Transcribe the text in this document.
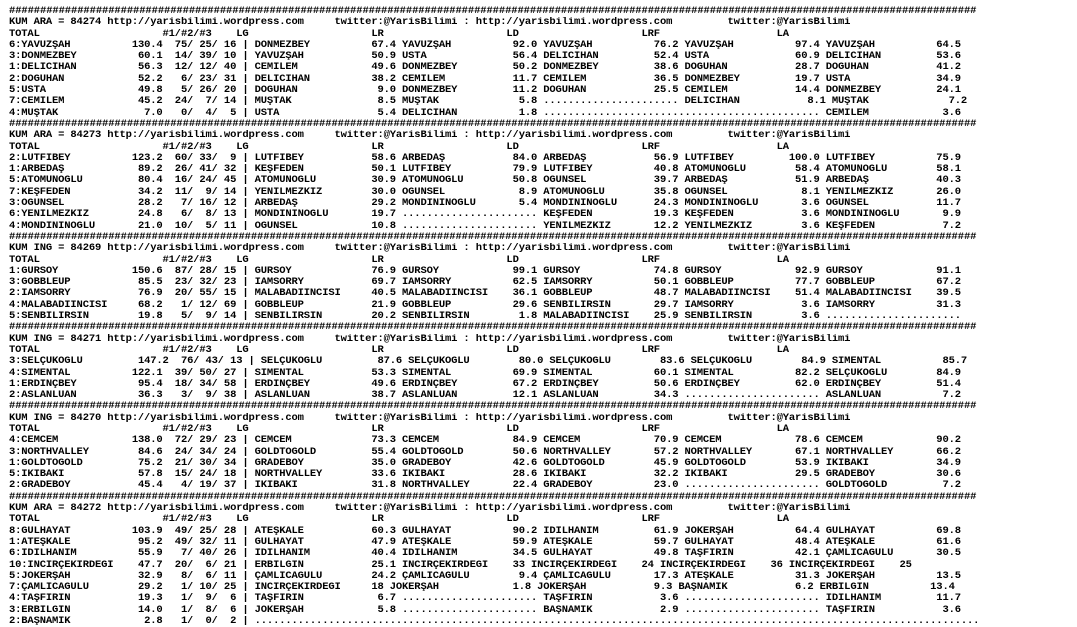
############################################################################################################################################################
KUM ARA = 84274 http://yarisbilimi.wordpress.com     twitter:@YarisBilimi : http://yarisbilimi.wordpress.com         twitter:@YarisBilimi
TOTAL                    #1/#2/#3    LG                    LR                    LD                    LRF                   LA
6:YAVUZŞAH          130.4  75/ 25/ 16 | DÖNMEZBEY          67.4 YAVUZŞAH          92.0 YAVUZŞAH          76.2 YAVUZŞAH          97.4 YAVUZŞAH          64.5
3:DÖNMEZBEY          60.1  14/ 39/ 10 | YAVUZŞAH           50.9 USTA              56.4 DELİCİHAN         52.4 USTA              60.9 DELİCİHAN         53.6
1:DELİCİHAN          56.3  12/ 12/ 40 | CEMİLEM            49.6 DÖNMEZBEY         50.2 DÖNMEZBEY         38.6 DOĞUHAN           28.7 DOĞUHAN           41.2
2:DOĞUHAN            52.2   6/ 23/ 31 | DELİCİHAN          38.2 CEMİLEM           11.7 CEMİLEM           36.5 DÖNMEZBEY         19.7 USTA              34.9
5:USTA               49.8   5/ 26/ 20 | DOĞUHAN             9.0 DÖNMEZBEY         11.2 DOĞUHAN           25.5 CEMİLEM           14.4 DÖNMEZBEY         24.1
7:CEMİLEM            45.2  24/  7/ 14 | MUŞTAK              8.5 MUŞTAK             5.8 ...................... DELİCİHAN           8.1 MUŞTAK             7.2
4:MUŞTAK              7.0   0/  4/  5 | USTA                5.4 DELİCİHAN          1.8 ............................................. CEMİLEM            3.6
############################################################################################################################################################
KUM ARA = 84273 http://yarisbilimi.wordpress.com     twitter:@YarisBilimi : http://yarisbilimi.wordpress.com         twitter:@YarisBilimi
TOTAL                    #1/#2/#3    LG                    LR                    LD                    LRF                   LA
2:LÜTFİBEY          123.2  60/ 33/  9 | LÜTFİBEY           58.6 ARBEDAŞ           84.0 ARBEDAŞ           56.9 LÜTFİBEY         100.0 LÜTFİBEY          75.9
1:ARBEDAŞ            89.2  26/ 41/ 32 | KEŞFEDEN           50.1 LÜTFİBEY          79.9 LÜTFİBEY          40.8 ATOMUNOĞLU        58.4 ATOMUNOĞLU        58.1
5:ATOMUNOĞLU         80.4  16/ 24/ 45 | ATOMUNOĞLU         30.9 ATOMUNOĞLU        50.8 ÖĞÜNSEL           39.7 ARBEDAŞ           51.9 ARBEDAŞ           40.3
7:KEŞFEDEN           34.2  11/  9/ 14 | YENİLMEZKIZ        30.0 ÖĞÜNSEL            8.9 ATOMUNOĞLU        35.8 ÖĞÜNSEL            8.1 YENİLMEZKIZ       26.0
3:ÖĞÜNSEL            28.2   7/ 16/ 12 | ARBEDAŞ            29.2 MONDİNİNOĞLU       5.4 MONDİNİNOĞLU      24.3 MONDİNİNOĞLU       3.6 ÖĞÜNSEL           11.7
6:YENİLMEZKIZ        24.8   6/  8/ 13 | MONDİNİNOĞLU       19.7 ...................... KEŞFEDEN          19.3 KEŞFEDEN           3.6 MONDİNİNOĞLU       9.9
4:MONDİNİNOĞLU       21.0  10/  5/ 11 | ÖĞÜNSEL            10.8 ...................... YENİLMEZKIZ       12.2 YENİLMEZKIZ        3.6 KEŞFEDEN           7.2
############################################################################################################################################################
KUM ING = 84269 http://yarisbilimi.wordpress.com     twitter:@YarisBilimi : http://yarisbilimi.wordpress.com         twitter:@YarisBilimi
TOTAL                    #1/#2/#3    LG                    LR                    LD                    LRF                   LA
1:GÜRSOY            150.6  87/ 28/ 15 | GÜRSOY             76.9 GÜRSOY            99.1 GÜRSOY            74.8 GÜRSOY            92.9 GÜRSOY            91.1
3:GOBBLEUP           85.5  23/ 32/ 23 | IAMSORRY           69.7 IAMSORRY          62.5 IAMSORRY          50.1 GOBBLEUP          77.7 GOBBLEUP          67.2
2:IAMSORRY           76.9  20/ 55/ 15 | MALABADİİNCİSİ     40.5 MALABADİİNCİSİ    36.1 GOBBLEUP          48.7 MALABADİİNCİSİ    51.4 MALABADİİNCİSİ    39.5
4:MALABADİİNCİSİ     68.2   1/ 12/ 69 | GOBBLEUP           21.9 GOBBLEUP          29.6 SENBİLİRSİN       29.7 IAMSORRY           3.6 IAMSORRY          31.3
5:SENBİLİRSİN        19.8   5/  9/ 14 | SENBİLİRSİN        20.2 SENBİLİRSİN        1.8 MALABADİİNCİSİ    25.9 SENBİLİRSİN        3.6 ......................
############################################################################################################################################################
KUM ING = 84271 http://yarisbilimi.wordpress.com     twitter:@YarisBilimi : http://yarisbilimi.wordpress.com         twitter:@YarisBilimi
TOTAL                    #1/#2/#3    LG                    LR                    LD                    LRF                   LA
3:SELÇUKOĞLU         147.2  76/ 43/ 13 | SELÇUKOĞLU         87.6 SELÇUKOĞLU        80.0 SELÇUKOĞLU        83.6 SELÇUKOĞLU        84.9 SİMENTAL          85.7
4:SİMENTAL          122.1  39/ 50/ 27 | SİMENTAL           53.3 SİMENTAL          69.9 SİMENTAL          60.1 SİMENTAL          82.2 SELÇUKOĞLU        84.9
1:ERDİNÇBEY          95.4  18/ 34/ 58 | ERDİNÇBEY          49.6 ERDİNÇBEY         67.2 ERDİNÇBEY         50.6 ERDİNÇBEY         62.0 ERDİNÇBEY         51.4
2:ASLANLUAN          36.3   3/  9/ 38 | ASLANLUAN          38.7 ASLANLUAN         12.1 ASLANLUAN         34.3 ...................... ASLANLUAN          7.2
############################################################################################################################################################
KUM ING = 84270 http://yarisbilimi.wordpress.com     twitter:@YarisBilimi : http://yarisbilimi.wordpress.com         twitter:@YarisBilimi
TOTAL                    #1/#2/#3    LG                    LR                    LD                    LRF                   LA
4:CEMCEM            138.0  72/ 29/ 23 | CEMCEM             73.3 CEMCEM            84.9 CEMCEM            70.9 CEMCEM            78.6 CEMCEM            90.2
3:NORTHVALLEY        84.6  24/ 34/ 24 | GOLDTOGOLD         55.4 GOLDTOGOLD        50.6 NORTHVALLEY       57.2 NORTHVALLEY       67.1 NORTHVALLEY       66.2
1:GOLDTOGOLD         75.2  21/ 30/ 34 | GRADEBOY           35.0 GRADEBOY          42.6 GOLDTOGOLD        45.9 GOLDTOGOLD        53.9 İKİBAKİ           34.9
5:İKİBAKİ            57.8  15/ 24/ 18 | NORTHVALLEY        33.6 İKİBAKİ           28.6 İKİBAKİ           32.2 İKİBAKİ           29.5 GRADEBOY          30.6
2:GRADEBOY           45.4   4/ 19/ 37 | İKİBAKİ            31.8 NORTHVALLEY       22.4 GRADEBOY          23.0 ...................... GOLDTOGOLD         7.2
############################################################################################################################################################
KUM ARA = 84272 http://yarisbilimi.wordpress.com     twitter:@YarisBilimi : http://yarisbilimi.wordpress.com         twitter:@YarisBilimi
TOTAL                    #1/#2/#3    LG                    LR                    LD                    LRF                   LA
8:GÜLHAYAT          103.9  49/ 25/ 28 | ATEŞKALE           60.3 GÜLHAYAT          90.2 İDİLHANIM         61.9 JOKERŞAH          64.4 GÜLHAYAT          69.8
1:ATEŞKALE           95.2  49/ 32/ 11 | GÜLHAYAT           47.9 ATEŞKALE          59.9 ATEŞKALE          59.7 GÜLHAYAT          48.4 ATEŞKALE          61.6
6:İDİLHANIM          55.9   7/ 40/ 26 | İDİLHANIM          40.4 İDİLHANIM         34.5 GÜLHAYAT          49.8 TAŞFIRIN          42.1 ÇAMLICAGÜLÜ       30.5
10:İNCİRÇEKİRDEĞİ    47.7  20/  6/ 21 | ERBİLGİN           25.1 İNCİRÇEKİRDEĞİ    33 İNCİRÇEKİRDEĞİ    24 İNCİRÇEKİRDEĞİ    36 İNCİRÇEKİRDEĞİ    25
5:JOKERŞAH           32.9   8/  6/ 11 | ÇAMLICAGÜLÜ        24.2 ÇAMLICAGÜLÜ        9.4 ÇAMLICAGÜLÜ       17.3 ATEŞKALE          31.3 JOKERŞAH          13.5
7:ÇAMLICAGÜLÜ        29.2   1/ 10/ 25 | İNCİRÇEKİRDEĞİ     18 JOKERŞAH            1.8 JOKERŞAH           9.3 BAŞNAMIK           6.2 ERBİLGİN          13.4
4:TAŞFIRIN           19.3   1/  9/  6 | TAŞFIRIN            6.7 ...................... TAŞFIRIN           3.6 ...................... İDİLHANIM         11.7
3:ERBİLGİN           14.0   1/  8/  6 | JOKERŞAH            5.8 ...................... BAŞNAMIK           2.9 ...................... TAŞFIRIN           3.6
2:BAŞNAMIK            2.8   1/  0/  2 | ......................................................................................................................
